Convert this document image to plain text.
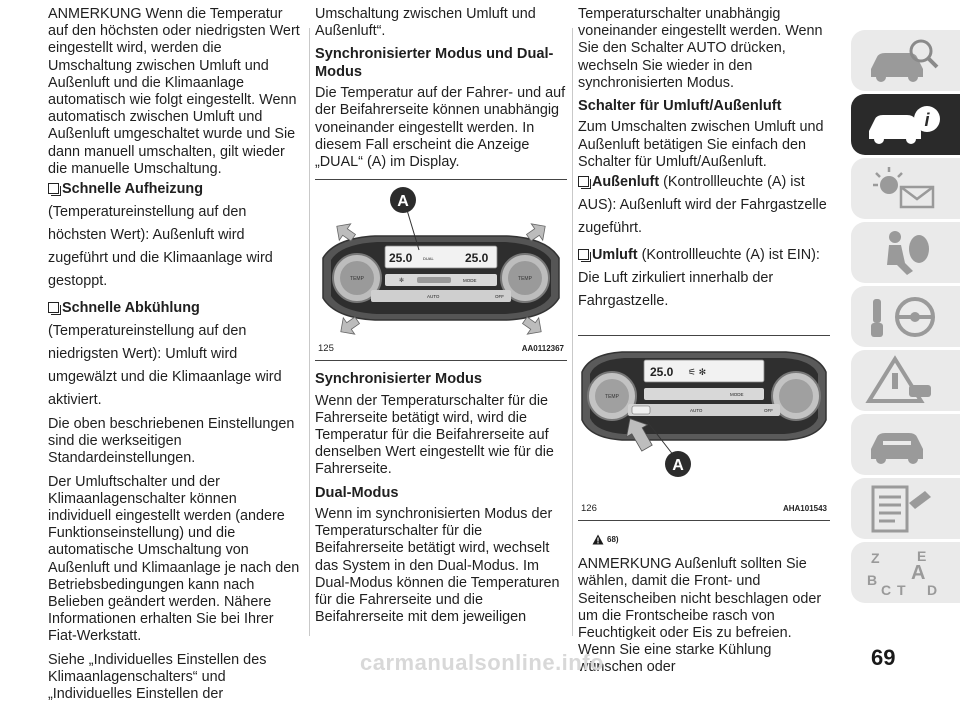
ANMERKUNG Wenn die Temperatur auf den höchsten oder niedrigsten Wert eingestellt wird, werden die Umschaltung zwischen Umluft und Außenluft und die Klimaanlage automatisch wie folgt eingestellt. Wenn automatisch zwischen Umluft und Außenluft umgeschaltet wurde und Sie dann manuell umschalten, gilt wieder die manuelle Umschaltung.

Schnelle Aufheizung
(Temperatureinstellung auf den höchsten Wert): Außenluft wird zugeführt und die Klimaanlage wird gestoppt.
Schnelle Abkühlung
(Temperatureinstellung auf den niedrigsten Wert): Umluft wird umgewälzt und die Klimaanlage wird aktiviert.

Die oben beschriebenen Einstellungen sind die werkseitigen Standardeinstellungen.

Der Umluftschalter und der Klimaanlagenschalter können individuell eingestellt werden (andere Funktionseinstellung) und die automatische Umschaltung von Außenluft und Klimaanlage je nach den Betriebsbedingungen kann nach Belieben geändert werden. Nähere Informationen erhalten Sie bei Ihrer Fiat-Werkstatt.

Siehe „Individuelles Einstellen des Klimaanlagenschalters“ und „Individuelles Einstellen der

Umschaltung zwischen Umluft und Außenluft“.

Synchronisierter Modus und Dual-Modus

Die Temperatur auf der Fahrer- und auf der Beifahrerseite können unabhängig voneinander eingestellt werden. In diesem Fall erscheint die Anzeige „DUAL“ (A) im Display.

TEMP	TEMP
25.0	DUAL	25.0
✻	MODE
AUTO	OFF
A
125	AA0112367
Synchronisierter Modus

Wenn der Temperaturschalter für die Fahrerseite betätigt wird, wird die Temperatur für die Beifahrerseite auf denselben Wert eingestellt wie für die Fahrerseite.

Dual-Modus

Wenn im synchronisierten Modus der Temperaturschalter für die Beifahrerseite betätigt wird, wechselt das System in den Dual-Modus. Im Dual-Modus können die Temperaturen für die Fahrerseite und die Beifahrerseite mit dem jeweiligen

Temperaturschalter unabhängig voneinander eingestellt werden. Wenn Sie den Schalter AUTO drücken, wechseln Sie wieder in den synchronisierten Modus.

Schalter für Umluft/Außenluft

Zum Umschalten zwischen Umluft und Außenluft betätigen Sie einfach den Schalter für Umluft/Außenluft.

Außenluft (Kontrollleuchte (A) ist AUS): Außenluft wird der Fahrgastzelle zugeführt.
Umluft (Kontrollleuchte (A) ist EIN): Die Luft zirkuliert innerhalb der Fahrgastzelle.
TEMP
25.0 ⚟ ✻
MODE
AUTO	OFF
A
126	AHA101543
68)

ANMERKUNG Außenluft sollten Sie wählen, damit die Front- und Seitenscheiben nicht beschlagen oder um die Frontscheibe rasch von Feuchtigkeit oder Eis zu befreien. Wenn Sie eine starke Kühlung wünschen oder

i
Z	E
A
B
C T D
carmanualsonline.info	69
